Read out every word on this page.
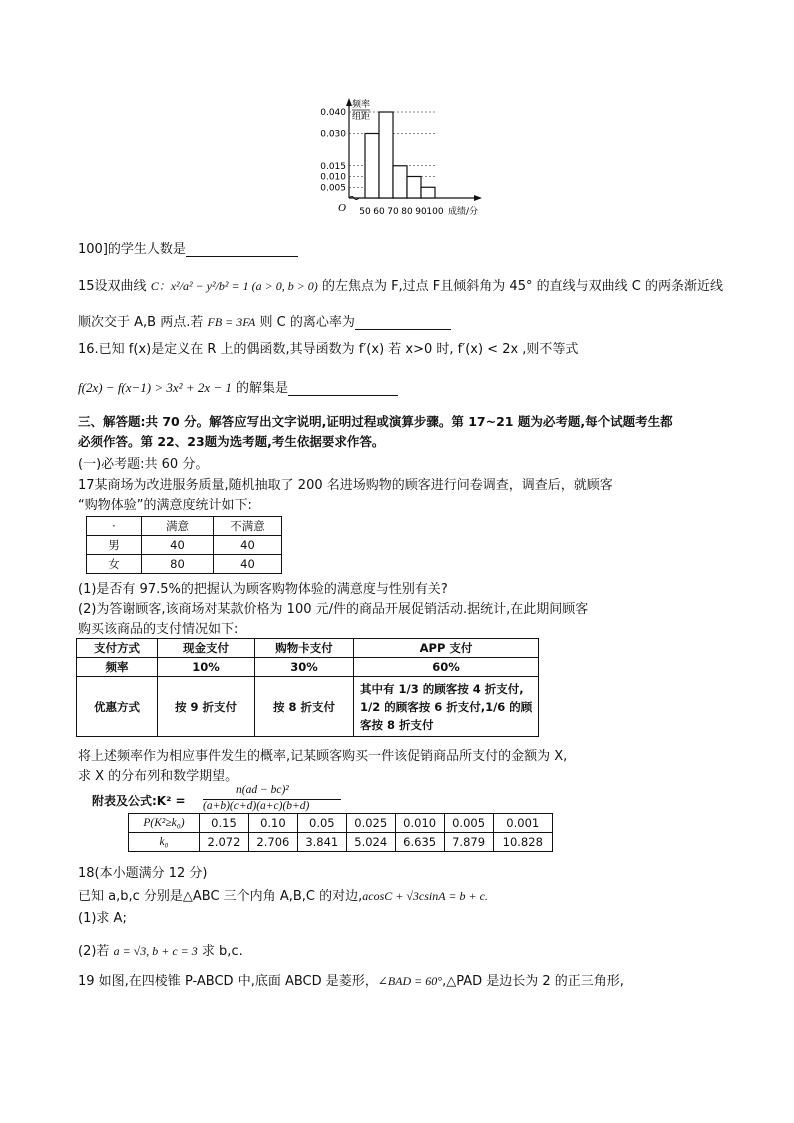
0.005
0.010
0.015
0.030
0.040
50 60 70 80 90 100
频率
组距
成绩/分
O
100]的学生人数是
15设双曲线 C：x²/a² − y²/b² = 1 (a > 0, b > 0) 的左焦点为 F,过点 F且倾斜角为 45° 的直线与双曲线 C 的两条渐近线
顺次交于 A,B 两点.若 FB = 3FA 则 C 的离心率为
16.已知 f(x)是定义在 R 上的偶函数,其导函数为 f′(x) 若 x>0 时, f′(x) < 2x ,则不等式
f(2x) − f(x−1) > 3x² + 2x − 1 的解集是
三、解答题:共 70 分。解答应写出文字说明,证明过程或演算步骤。第 17~21 题为必考题,每个试题考生都
必须作答。第 22、23题为选考题,考生依据要求作答。
(一)必考题:共 60 分。
17某商场为改进服务质量,随机抽取了 200 名进场购物的顾客进行问卷调查，调查后，就顾客
“购物体验”的满意度统计如下:
·	满意	不满意
男	40	40
女	80	40
(1)是否有 97.5%的把握认为顾客购物体验的满意度与性别有关?
(2)为答谢顾客,该商场对某款价格为 100 元/件的商品开展促销活动.据统计,在此期间顾客
购买该商品的支付情况如下:
支付方式	现金支付	购物卡支付	APP 支付
频率	10%	30%	60%
优惠方式	按 9 折支付	按 8 折支付	其中有 1/3 的顾客按 4 折支付,
1/2 的顾客按 6 折支付,1/6 的顾
客按 8 折支付
将上述频率作为相应事件发生的概率,记某顾客购买一件该促销商品所支付的金额为 X,
求 X 的分布列和数学期望。
附表及公式:K² =
n(ad − bc)²
(a+b)(c+d)(a+c)(b+d)
P(K²≥k₀)	0.15	0.10	0.05	0.025	0.010	0.005	0.001
k₀	2.072	2.706	3.841	5.024	6.635	7.879	10.828
18(本小题满分 12 分)
已知 a,b,c 分别是△ABC 三个内角 A,B,C 的对边,acosC + √3csinA = b + c.
(1)求 A;
(2)若 a = √3, b + c = 3 求 b,c.
19 如图,在四棱锥 P-ABCD 中,底面 ABCD 是菱形，∠BAD = 60°,△PAD 是边长为 2 的正三角形,
